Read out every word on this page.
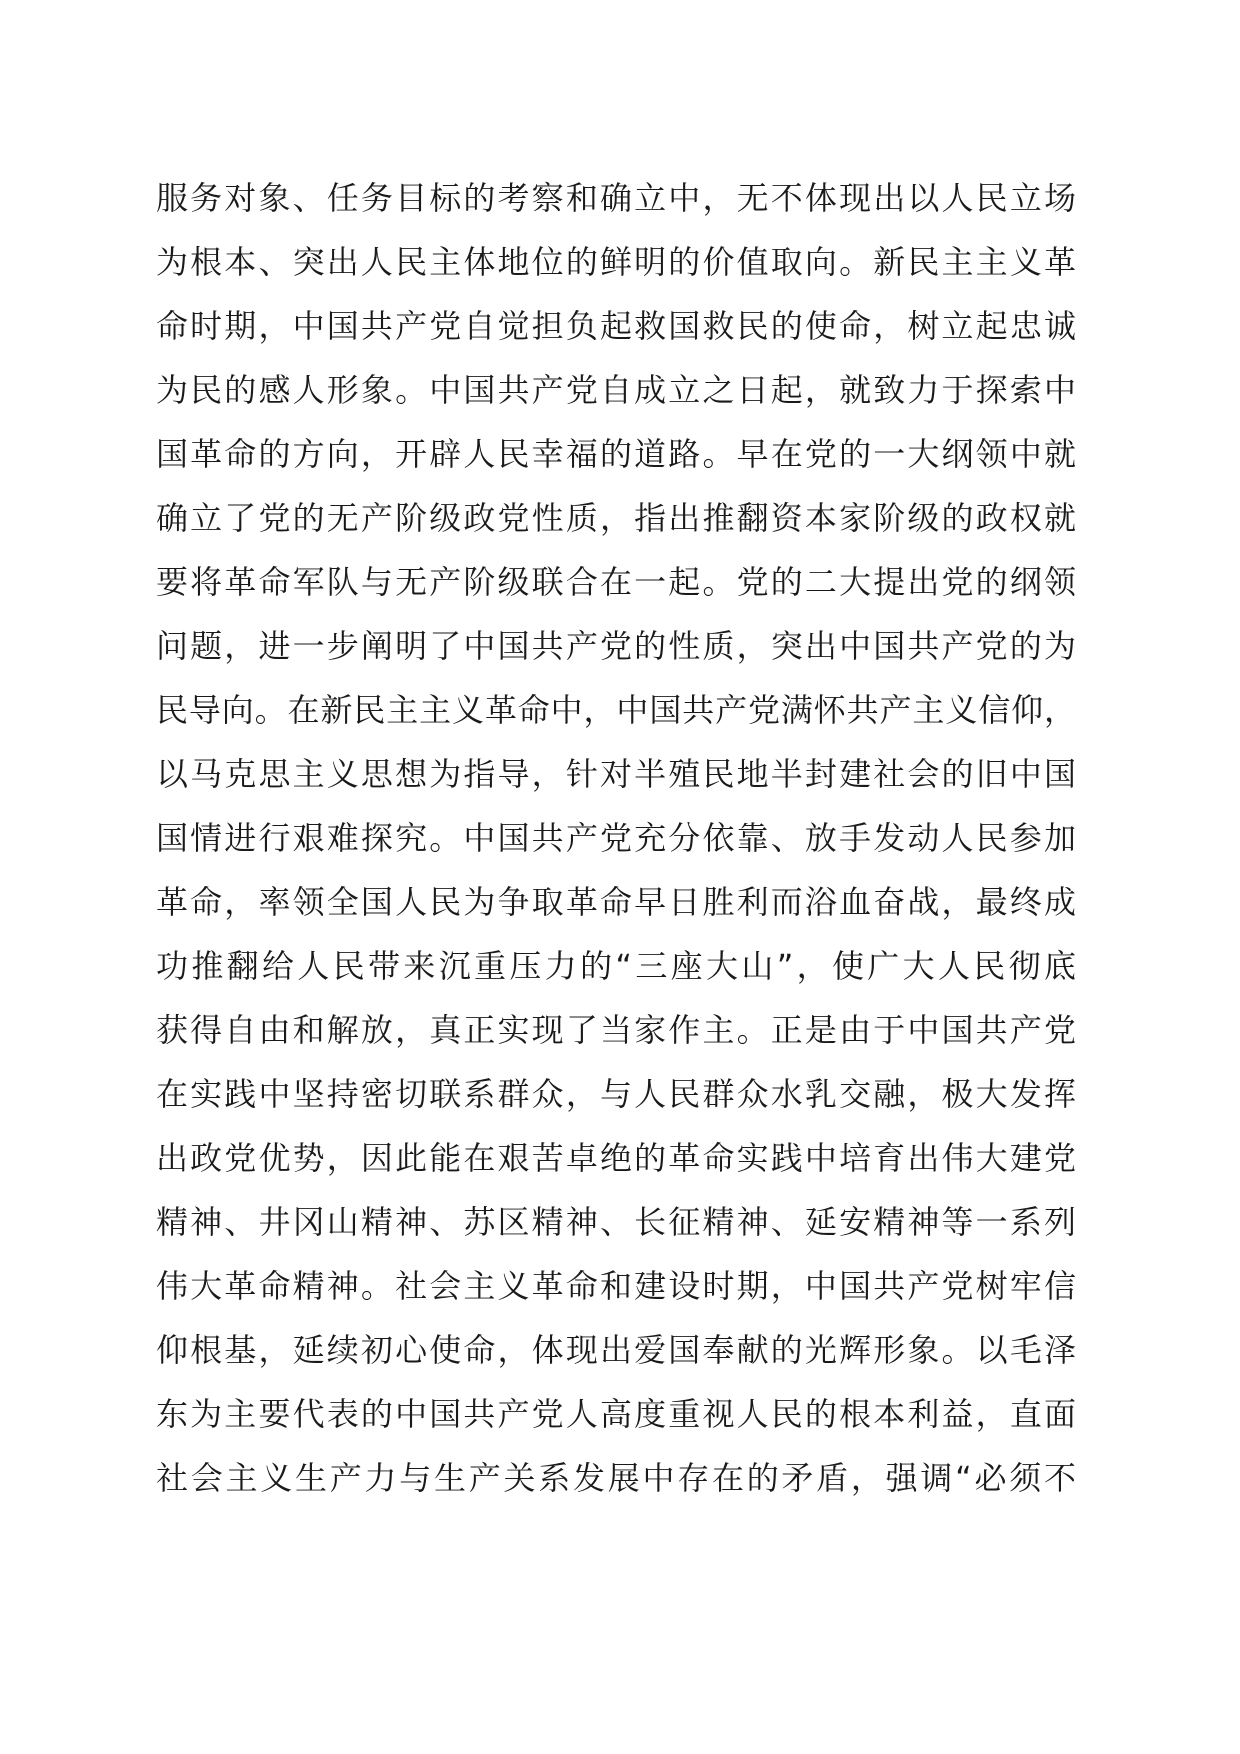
服务对象、任务目标的考察和确立中，无不体现出以人民立场
为根本、突出人民主体地位的鲜明的价值取向。新民主主义革
命时期，中国共产党自觉担负起救国救民的使命，树立起忠诚
为民的感人形象。中国共产党自成立之日起，就致力于探索中
国革命的方向，开辟人民幸福的道路。早在党的一大纲领中就
确立了党的无产阶级政党性质，指出推翻资本家阶级的政权就
要将革命军队与无产阶级联合在一起。党的二大提出党的纲领
问题，进一步阐明了中国共产党的性质，突出中国共产党的为
民导向。在新民主主义革命中，中国共产党满怀共产主义信仰，
以马克思主义思想为指导，针对半殖民地半封建社会的旧中国
国情进行艰难探究。中国共产党充分依靠、放手发动人民参加
革命，率领全国人民为争取革命早日胜利而浴血奋战，最终成
功推翻给人民带来沉重压力的“三座大山”，使广大人民彻底
获得自由和解放，真正实现了当家作主。正是由于中国共产党
在实践中坚持密切联系群众，与人民群众水乳交融，极大发挥
出政党优势，因此能在艰苦卓绝的革命实践中培育出伟大建党
精神、井冈山精神、苏区精神、长征精神、延安精神等一系列
伟大革命精神。社会主义革命和建设时期，中国共产党树牢信
仰根基，延续初心使命，体现出爱国奉献的光辉形象。以毛泽
东为主要代表的中国共产党人高度重视人民的根本利益，直面
社会主义生产力与生产关系发展中存在的矛盾，强调“必须不
